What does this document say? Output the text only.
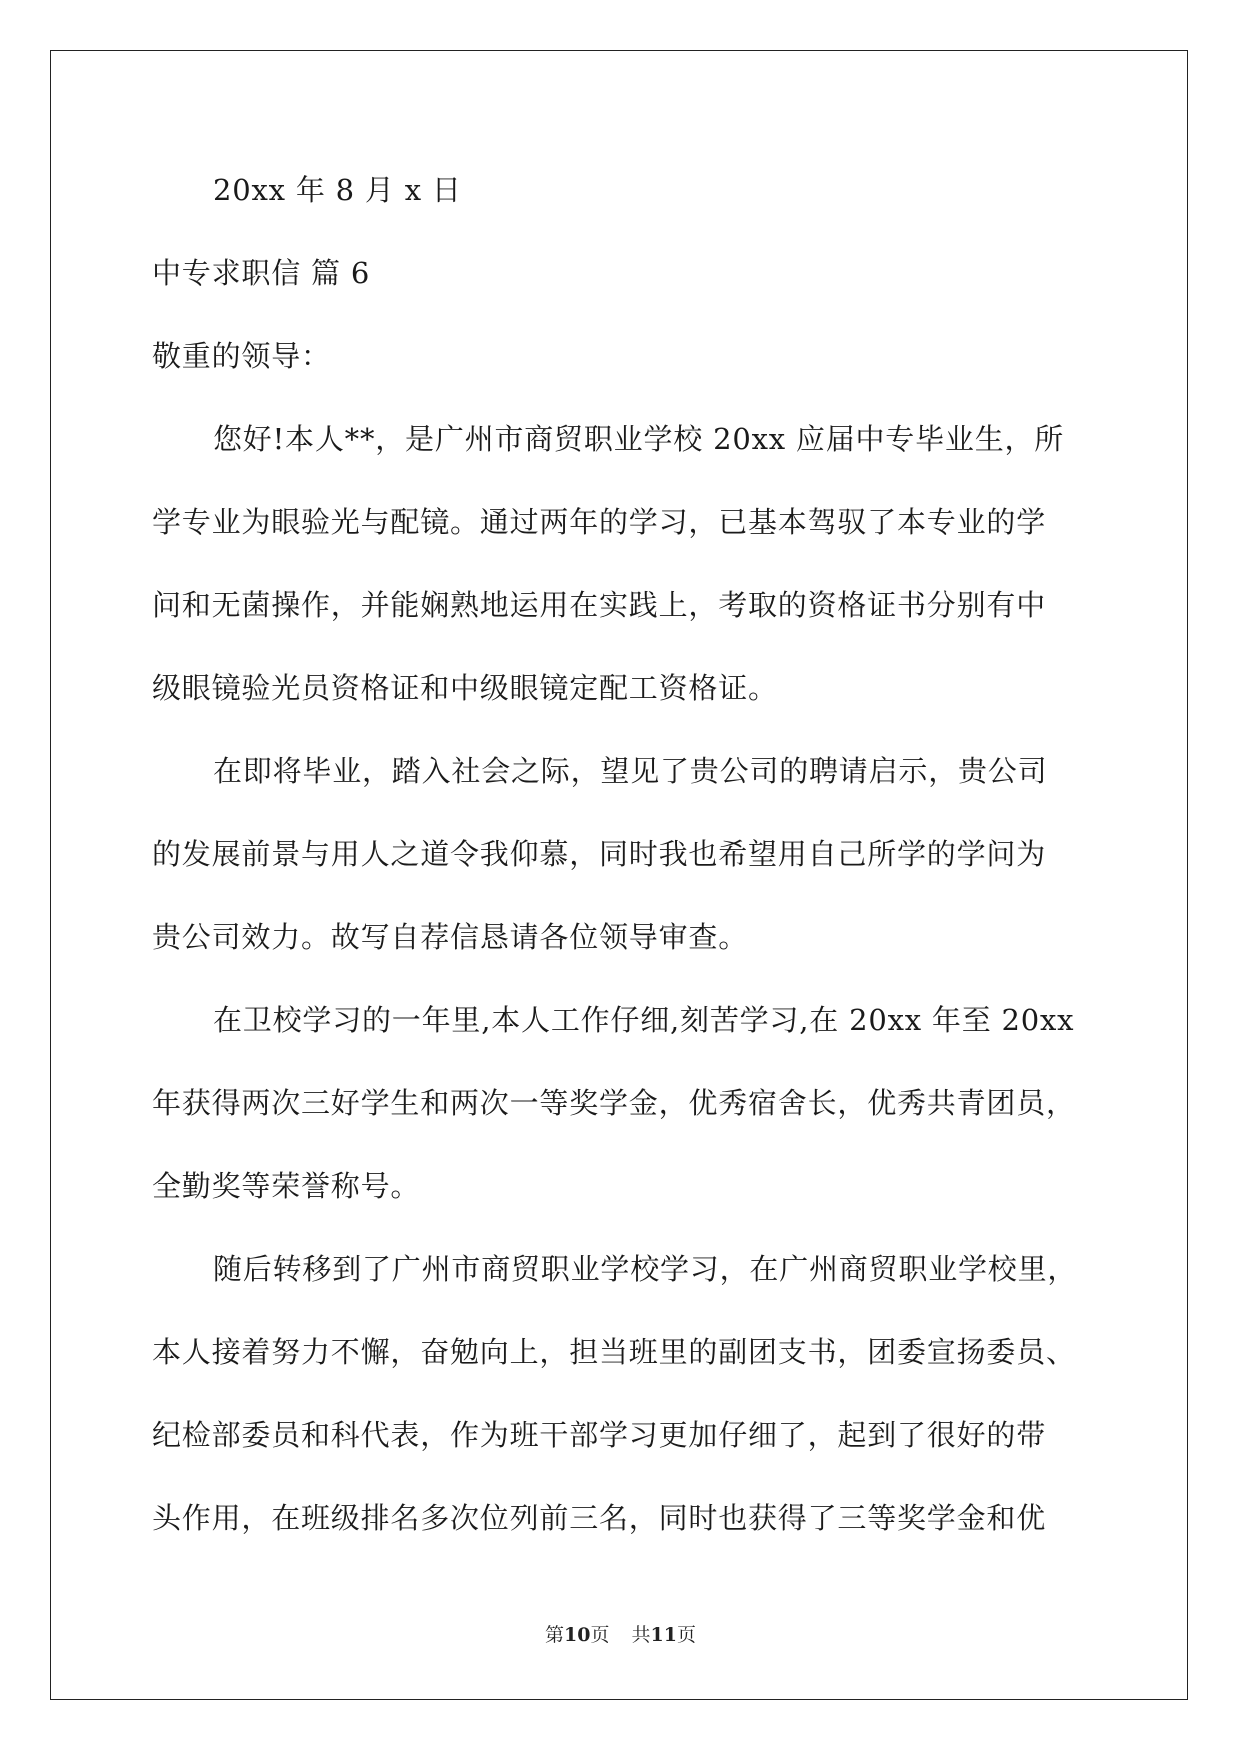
20xx 年 8 月 x 日
中专求职信 篇 6
敬重的领导：
您好!本人**，是广州市商贸职业学校 20xx 应届中专毕业生，所
学专业为眼验光与配镜。通过两年的学习，已基本驾驭了本专业的学
问和无菌操作，并能娴熟地运用在实践上，考取的资格证书分别有中
级眼镜验光员资格证和中级眼镜定配工资格证。
在即将毕业，踏入社会之际，望见了贵公司的聘请启示，贵公司
的发展前景与用人之道令我仰慕，同时我也希望用自己所学的学问为
贵公司效力。故写自荐信恳请各位领导审查。
在卫校学习的一年里,本人工作仔细,刻苦学习,在 20xx 年至 20xx
年获得两次三好学生和两次一等奖学金，优秀宿舍长，优秀共青团员，
全勤奖等荣誉称号。
随后转移到了广州市商贸职业学校学习，在广州商贸职业学校里，
本人接着努力不懈，奋勉向上，担当班里的副团支书，团委宣扬委员、
纪检部委员和科代表，作为班干部学习更加仔细了，起到了很好的带
头作用，在班级排名多次位列前三名，同时也获得了三等奖学金和优
第10页 共11页
